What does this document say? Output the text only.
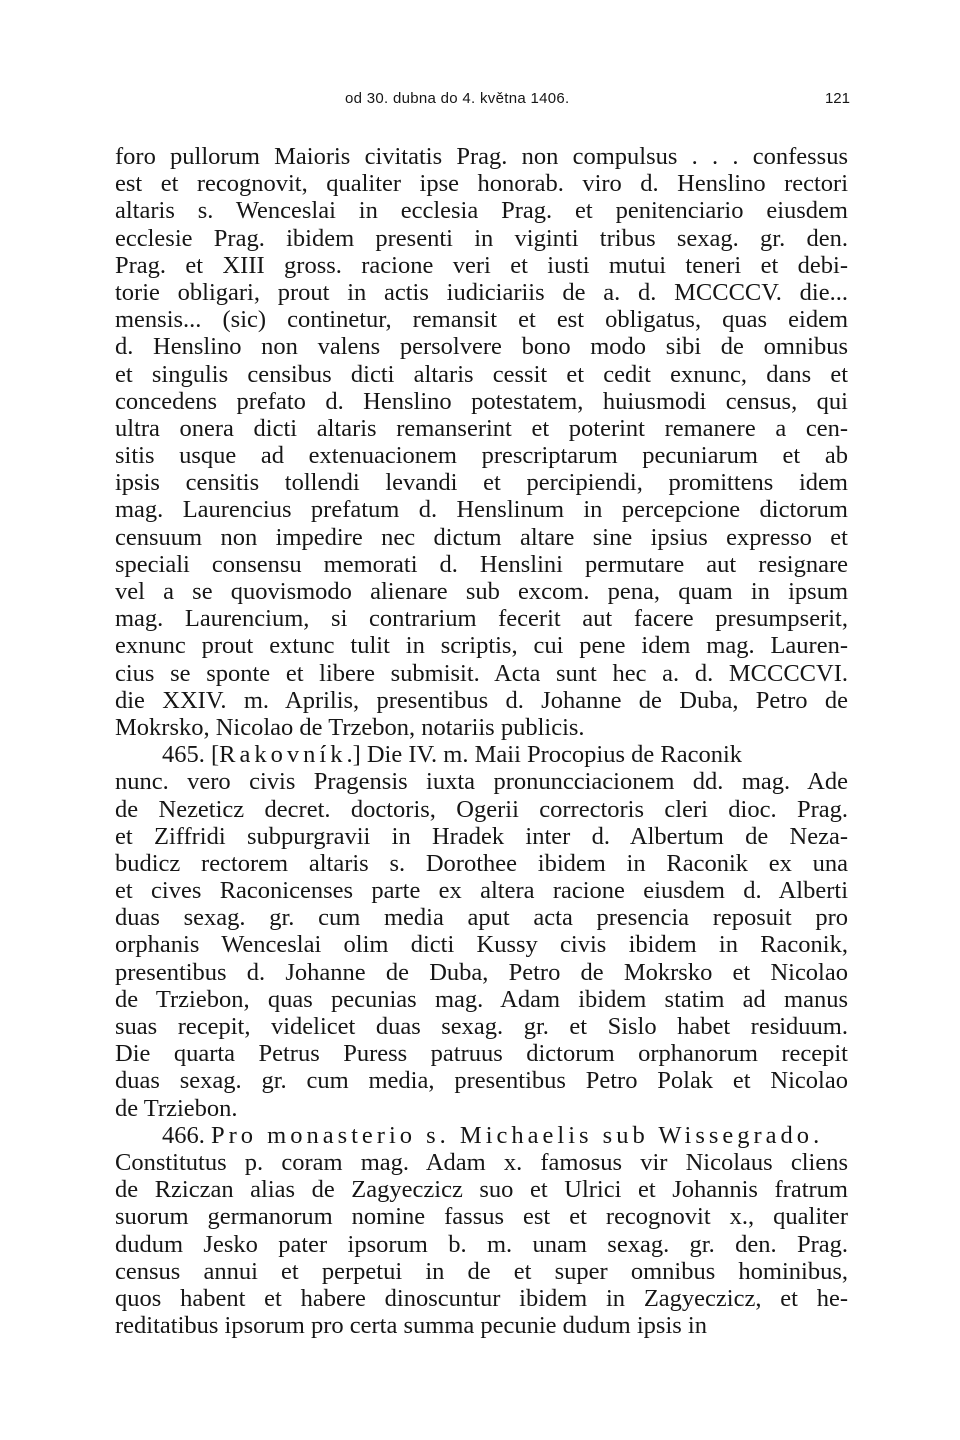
od 30. dubna do 4. května 1406.	121
foro pullorum Maioris civitatis Prag. non compulsus . . . confessus
est et recognovit, qualiter ipse honorab. viro d. Henslino rectori
altaris s. Wenceslai in ecclesia Prag. et penitenciario eiusdem
ecclesie Prag. ibidem presenti in viginti tribus sexag. gr. den.
Prag. et XIII gross. racione veri et iusti mutui teneri et debi-
torie obligari, prout in actis iudiciariis de a. d. MCCCCV. die...
mensis... (sic) continetur, remansit et est obligatus, quas eidem
d. Henslino non valens persolvere bono modo sibi de omnibus
et singulis censibus dicti altaris cessit et cedit exnunc, dans et
concedens prefato d. Henslino potestatem, huiusmodi census, qui
ultra onera dicti altaris remanserint et poterint remanere a cen-
sitis usque ad extenuacionem prescriptarum pecuniarum et ab
ipsis censitis tollendi levandi et percipiendi, promittens idem
mag. Laurencius prefatum d. Henslinum in percepcione dictorum
censuum non impedire nec dictum altare sine ipsius expresso et
speciali consensu memorati d. Henslini permutare aut resignare
vel a se quovismodo alienare sub excom. pena, quam in ipsum
mag. Laurencium, si contrarium fecerit aut facere presumpserit,
exnunc prout extunc tulit in scriptis, cui pene idem mag. Lauren-
cius se sponte et libere submisit. Acta sunt hec a. d. MCCCCVI.
die XXIV. m. Aprilis, presentibus d. Johanne de Duba, Petro de
Mokrsko, Nicolao de Trzebon, notariis publicis.
465. [Rakovník.] Die IV. m. Maii Procopius de Raconik
nunc. vero civis Pragensis iuxta pronuncciacionem dd. mag. Ade
de Nezeticz decret. doctoris, Ogerii correctoris cleri dioc. Prag.
et Ziffridi subpurgravii in Hradek inter d. Albertum de Neza-
budicz rectorem altaris s. Dorothee ibidem in Raconik ex una
et cives Raconicenses parte ex altera racione eiusdem d. Alberti
duas sexag. gr. cum media aput acta presencia reposuit pro
orphanis Wenceslai olim dicti Kussy civis ibidem in Raconik,
presentibus d. Johanne de Duba, Petro de Mokrsko et Nicolao
de Trziebon, quas pecunias mag. Adam ibidem statim ad manus
suas recepit, videlicet duas sexag. gr. et Sislo habet residuum.
Die quarta Petrus Puress patruus dictorum orphanorum recepit
duas sexag. gr. cum media, presentibus Petro Polak et Nicolao
de Trziebon.
466. Pro monasterio s. Michaelis sub Wissegrado.
Constitutus p. coram mag. Adam x. famosus vir Nicolaus cliens
de Rziczan alias de Zagyeczicz suo et Ulrici et Johannis fratrum
suorum germanorum nomine fassus est et recognovit x., qualiter
dudum Jesko pater ipsorum b. m. unam sexag. gr. den. Prag.
census annui et perpetui in de et super omnibus hominibus,
quos habent et habere dinoscuntur ibidem in Zagyeczicz, et he-
reditatibus ipsorum pro certa summa pecunie dudum ipsis in
